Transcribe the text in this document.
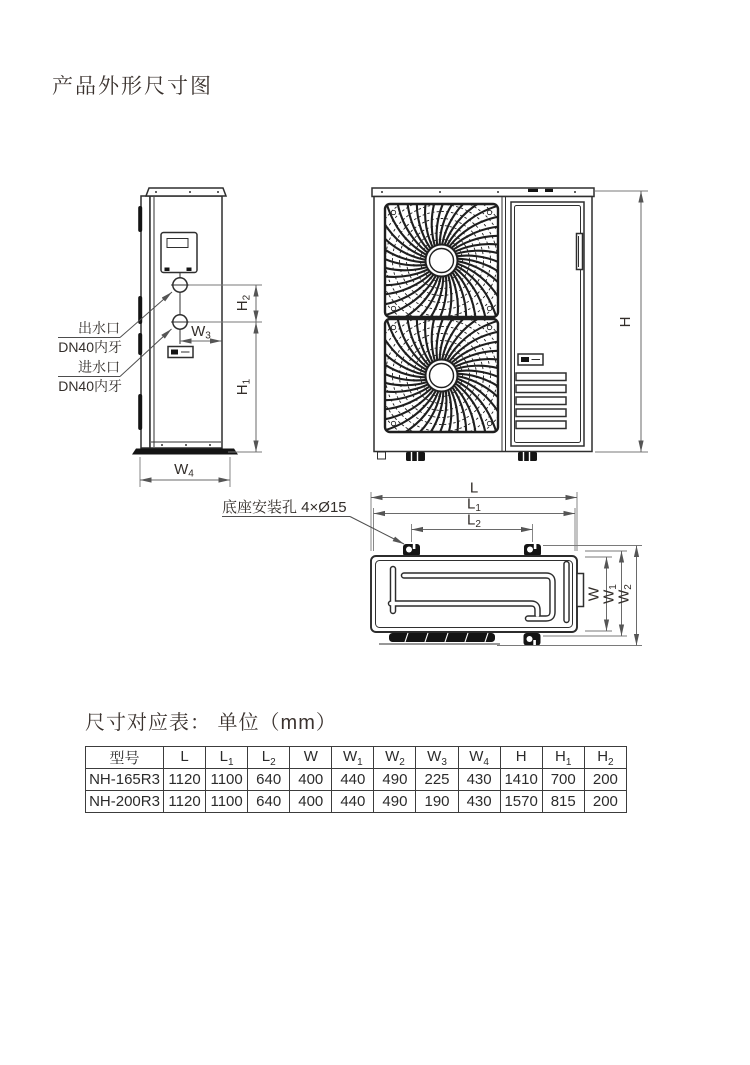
产品外形尺寸图
出水口
DN40内牙
进水口
DN40内牙
W3
H2
H1
W4
H
L
L1
L2
底座安装孔 4×Ø15
W
W1
W2
尺寸对应表： 单位（mm）
型号	L	$L_1$	$L_2$	W	$W_1$	$W_2$	$W_3$	$W_4$	H	$H_1$	$H_2$
NH-165R3	1120	1100	640	400	440	490	225	430	1410	700	200
NH-200R3	1120	1100	640	400	440	490	190	430	1570	815	200
